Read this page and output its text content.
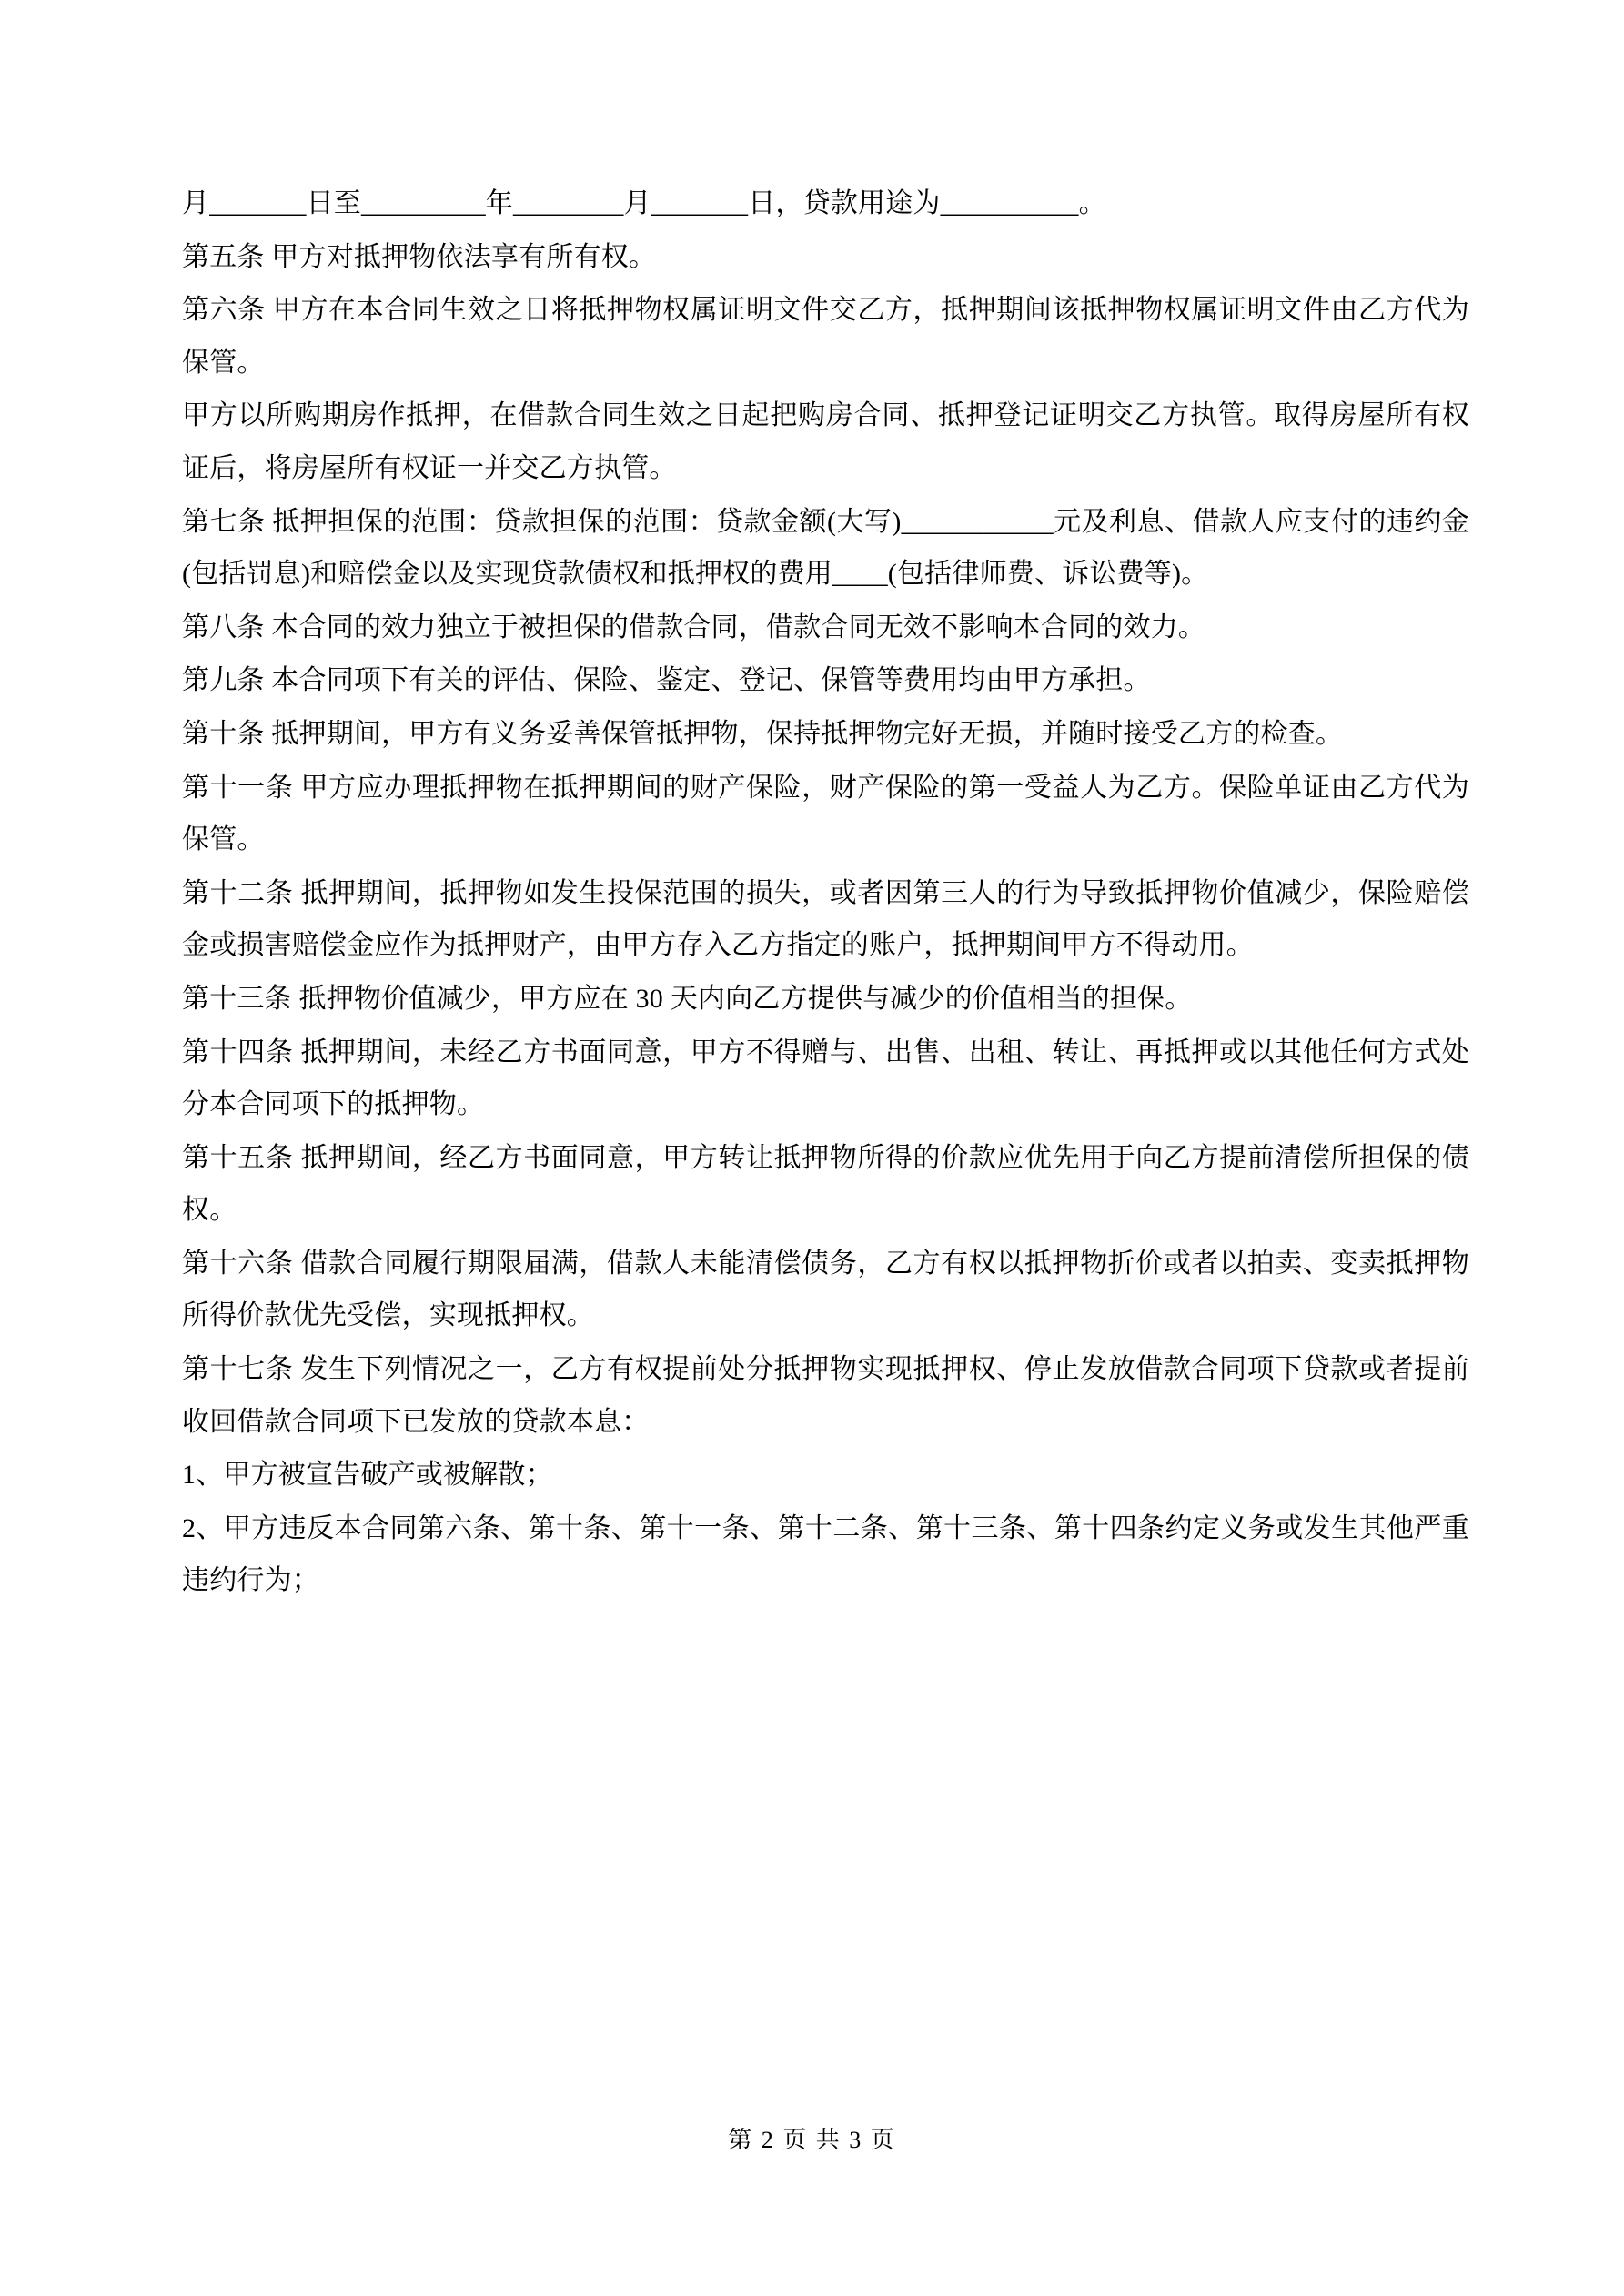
月_______日至_________年________月_______日，贷款用途为__________。

第五条 甲方对抵押物依法享有所有权。

第六条 甲方在本合同生效之日将抵押物权属证明文件交乙方，抵押期间该抵押物权属证明文件由乙方代为保管。

甲方以所购期房作抵押，在借款合同生效之日起把购房合同、抵押登记证明交乙方执管。取得房屋所有权证后，将房屋所有权证一并交乙方执管。

第七条 抵押担保的范围：贷款担保的范围：贷款金额(大写)___________元及利息、借款人应支付的违约金(包括罚息)和赔偿金以及实现贷款债权和抵押权的费用____(包括律师费、诉讼费等)。

第八条 本合同的效力独立于被担保的借款合同，借款合同无效不影响本合同的效力。

第九条 本合同项下有关的评估、保险、鉴定、登记、保管等费用均由甲方承担。

第十条 抵押期间，甲方有义务妥善保管抵押物，保持抵押物完好无损，并随时接受乙方的检查。

第十一条 甲方应办理抵押物在抵押期间的财产保险，财产保险的第一受益人为乙方。保险单证由乙方代为保管。

第十二条 抵押期间，抵押物如发生投保范围的损失，或者因第三人的行为导致抵押物价值减少，保险赔偿金或损害赔偿金应作为抵押财产，由甲方存入乙方指定的账户，抵押期间甲方不得动用。

第十三条 抵押物价值减少，甲方应在 30 天内向乙方提供与减少的价值相当的担保。

第十四条 抵押期间，未经乙方书面同意，甲方不得赠与、出售、出租、转让、再抵押或以其他任何方式处分本合同项下的抵押物。

第十五条 抵押期间，经乙方书面同意，甲方转让抵押物所得的价款应优先用于向乙方提前清偿所担保的债权。

第十六条 借款合同履行期限届满，借款人未能清偿债务，乙方有权以抵押物折价或者以拍卖、变卖抵押物所得价款优先受偿，实现抵押权。

第十七条 发生下列情况之一，乙方有权提前处分抵押物实现抵押权、停止发放借款合同项下贷款或者提前收回借款合同项下已发放的贷款本息：

1、甲方被宣告破产或被解散；

2、甲方违反本合同第六条、第十条、第十一条、第十二条、第十三条、第十四条约定义务或发生其他严重违约行为；

第 2 页 共 3 页
